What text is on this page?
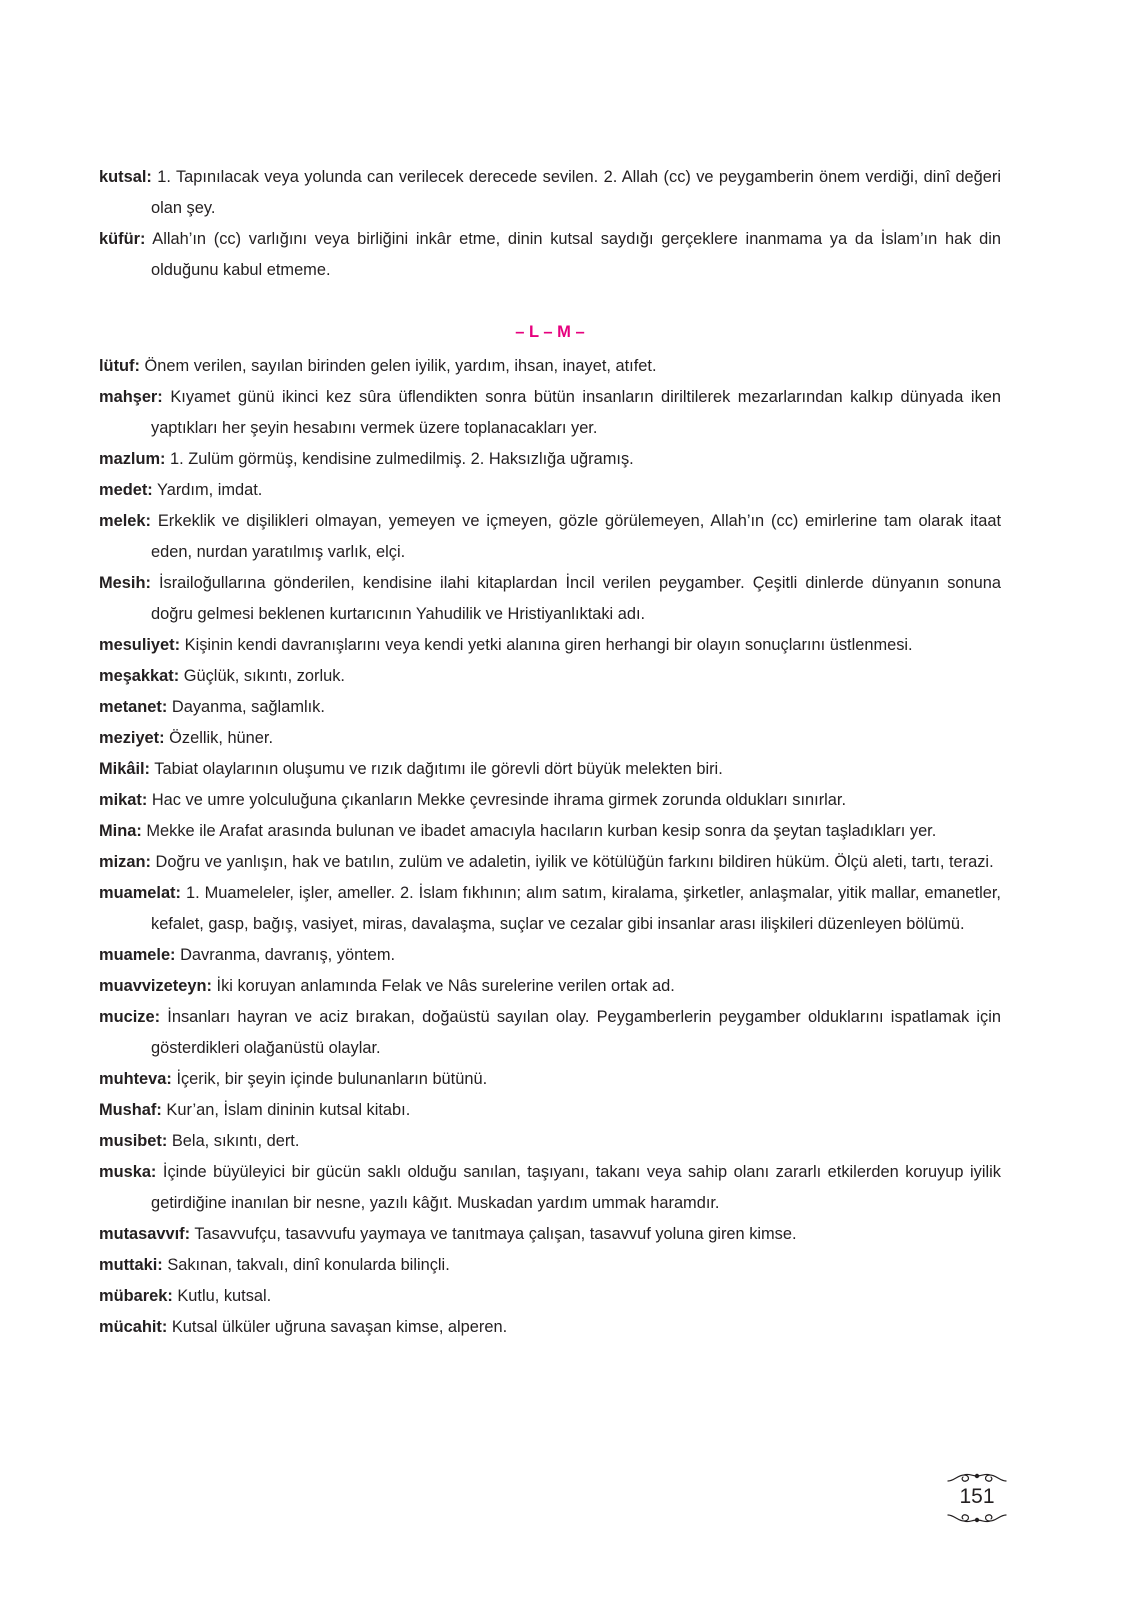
kutsal: 1. Tapınılacak veya yolunda can verilecek derecede sevilen. 2. Allah (cc) ve peygamberin önem verdiği, dinî değeri olan şey.

küfür: Allah’ın (cc) varlığını veya birliğini inkâr etme, dinin kutsal saydığı gerçeklere inanmama ya da İslam’ın hak din olduğunu kabul etmeme.

– L – M –

lütuf: Önem verilen, sayılan birinden gelen iyilik, yardım, ihsan, inayet, atıfet.

mahşer: Kıyamet günü ikinci kez sûra üflendikten sonra bütün insanların diriltilerek mezarlarından kalkıp dünyada iken yaptıkları her şeyin hesabını vermek üzere toplanacakları yer.

mazlum: 1. Zulüm görmüş, kendisine zulmedilmiş. 2. Haksızlığa uğramış.

medet: Yardım, imdat.

melek: Erkeklik ve dişilikleri olmayan, yemeyen ve içmeyen, gözle görülemeyen, Allah’ın (cc) emirlerine tam olarak itaat eden, nurdan yaratılmış varlık, elçi.

Mesih: İsrailoğullarına gönderilen, kendisine ilahi kitaplardan İncil verilen peygamber. Çeşitli dinlerde dünyanın sonuna doğru gelmesi beklenen kurtarıcının Yahudilik ve Hristiyanlıktaki adı.

mesuliyet: Kişinin kendi davranışlarını veya kendi yetki alanına giren herhangi bir olayın sonuçlarını üstlenmesi.

meşakkat: Güçlük, sıkıntı, zorluk.

metanet: Dayanma, sağlamlık.

meziyet: Özellik, hüner.

Mikâil: Tabiat olaylarının oluşumu ve rızık dağıtımı ile görevli dört büyük melekten biri.

mikat: Hac ve umre yolculuğuna çıkanların Mekke çevresinde ihrama girmek zorunda oldukları sınırlar.

Mina: Mekke ile Arafat arasında bulunan ve ibadet amacıyla hacıların kurban kesip sonra da şeytan taşladıkları yer.

mizan: Doğru ve yanlışın, hak ve batılın, zulüm ve adaletin, iyilik ve kötülüğün farkını bildiren hüküm. Ölçü aleti, tartı, terazi.

muamelat: 1. Muameleler, işler, ameller. 2. İslam fıkhının; alım satım, kiralama, şirketler, anlaşmalar, yitik mallar, emanetler, kefalet, gasp, bağış, vasiyet, miras, davalaşma, suçlar ve cezalar gibi insanlar arası ilişkileri düzenleyen bölümü.

muamele: Davranma, davranış, yöntem.

muavvizeteyn: İki koruyan anlamında Felak ve Nâs surelerine verilen ortak ad.

mucize: İnsanları hayran ve aciz bırakan, doğaüstü sayılan olay. Peygamberlerin peygamber olduklarını ispatlamak için gösterdikleri olağanüstü olaylar.

muhteva: İçerik, bir şeyin içinde bulunanların bütünü.

Mushaf: Kur’an, İslam dininin kutsal kitabı.

musibet: Bela, sıkıntı, dert.

muska: İçinde büyüleyici bir gücün saklı olduğu sanılan, taşıyanı, takanı veya sahip olanı zararlı etkilerden koruyup iyilik getirdiğine inanılan bir nesne, yazılı kâğıt. Muskadan yardım ummak haramdır.

mutasavvıf: Tasavvufçu, tasavvufu yaymaya ve tanıtmaya çalışan, tasavvuf yoluna giren kimse.

muttaki: Sakınan, takvalı, dinî konularda bilinçli.

mübarek: Kutlu, kutsal.

mücahit: Kutsal ülküler uğruna savaşan kimse, alperen.

151
